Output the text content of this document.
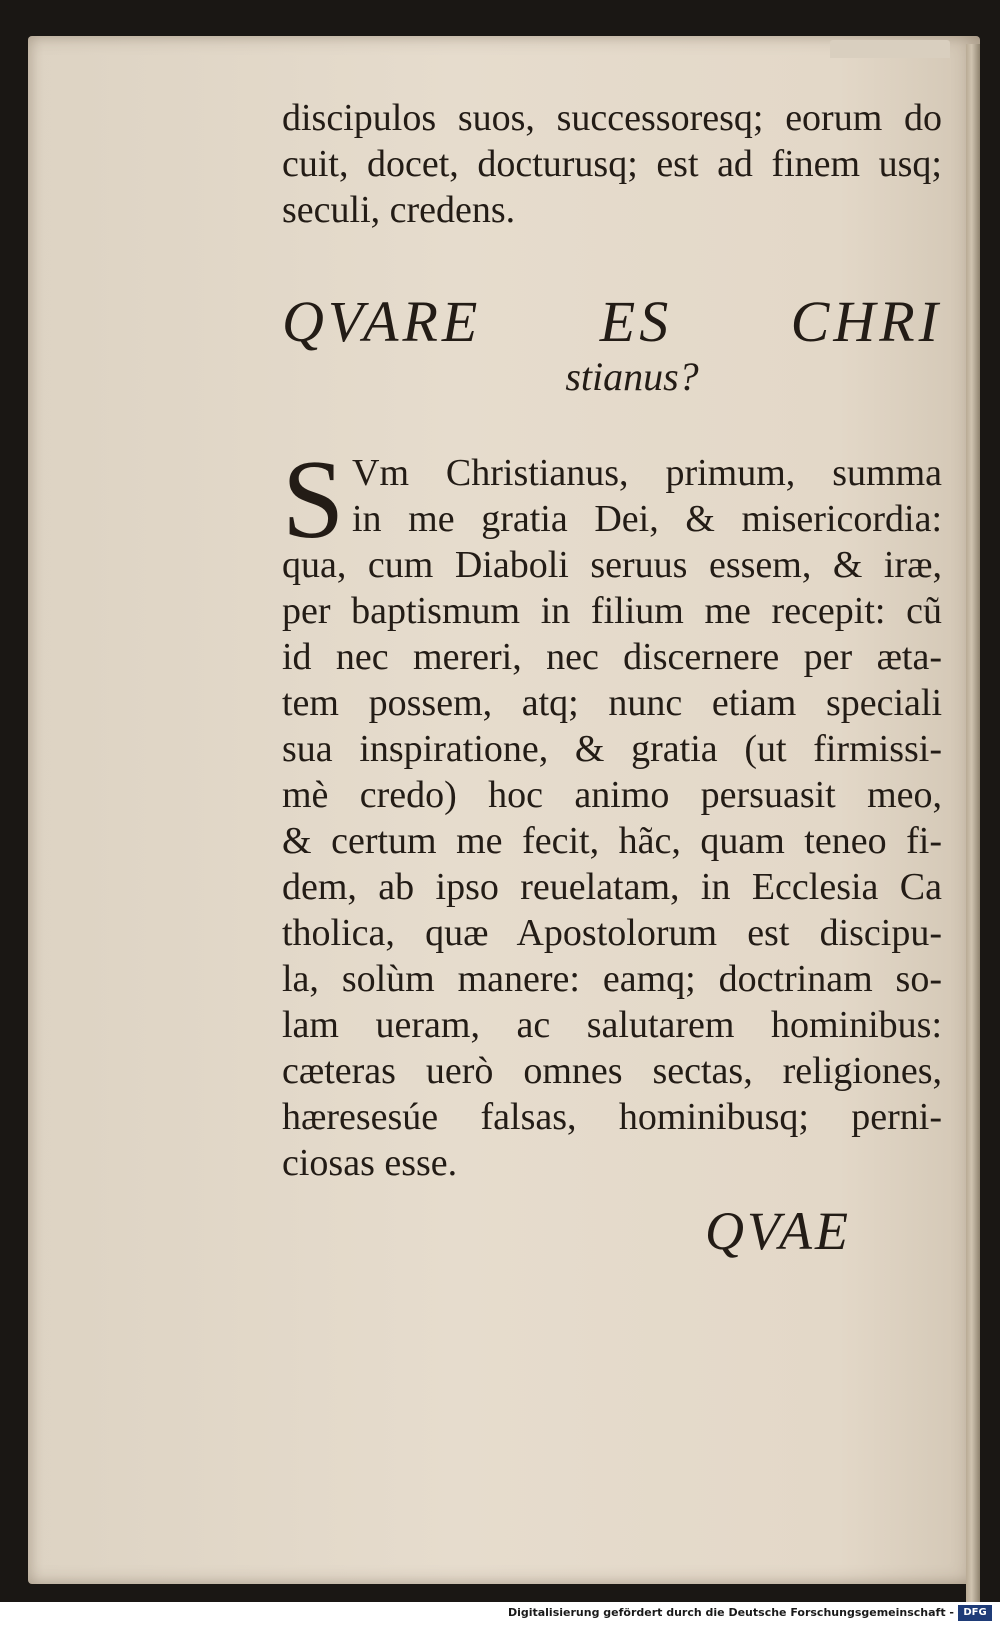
discipulos suos, successoresq; eorum do
cuit, docet, docturusq; est ad finem usq;
seculi, credens.
QVARE ES CHRI
stianus?
S Vm Christianus, primum, summa
in me gratia Dei, & misericordia:
qua, cum Diaboli seruus essem, & iræ,
per baptismum in filium me recepit: cũ
id nec mereri, nec discernere per æta-
tem possem, atq; nunc etiam speciali
sua inspiratione, & gratia (ut firmissi-
mè credo) hoc animo persuasit meo,
& certum me fecit, hãc, quam teneo fi-
dem, ab ipso reuelatam, in Ecclesia Ca
tholica, quæ Apostolorum est discipu-
la, solùm manere: eamq; doctrinam so-
lam ueram, ac salutarem hominibus:
cæteras uerò omnes sectas, religiones,
hæresesúe falsas, hominibusq; perni-
ciosas esse.
QVAE
Digitalisierung gefördert durch die Deutsche Forschungsgemeinschaft - DFG
